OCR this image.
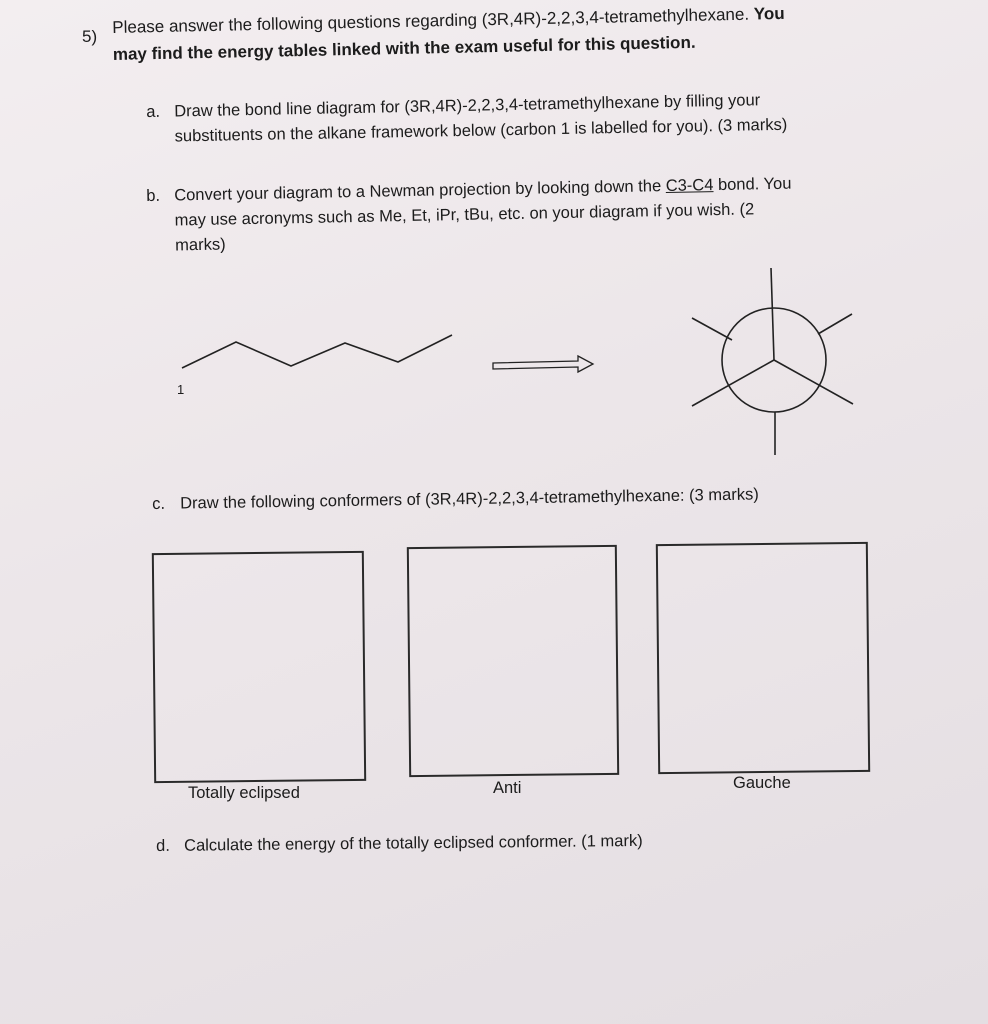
5) Please answer the following questions regarding (3R,4R)-2,2,3,4-tetramethylhexane. You
may find the energy tables linked with the exam useful for this question.
a. Draw the bond line diagram for (3R,4R)-2,2,3,4-tetramethylhexane by filling your

substituents on the alkane framework below (carbon 1 is labelled for you). (3 marks)
b. Convert your diagram to a Newman projection by looking down the C3-C4 bond. You
may use acronyms such as Me, Et, iPr, tBu, etc. on your diagram if you wish. (2
marks)
1
c. Draw the following conformers of (3R,4R)-2,2,3,4-tetramethylhexane: (3 marks)
Totally eclipsed	Anti	Gauche
d. Calculate the energy of the totally eclipsed conformer. (1 mark)
